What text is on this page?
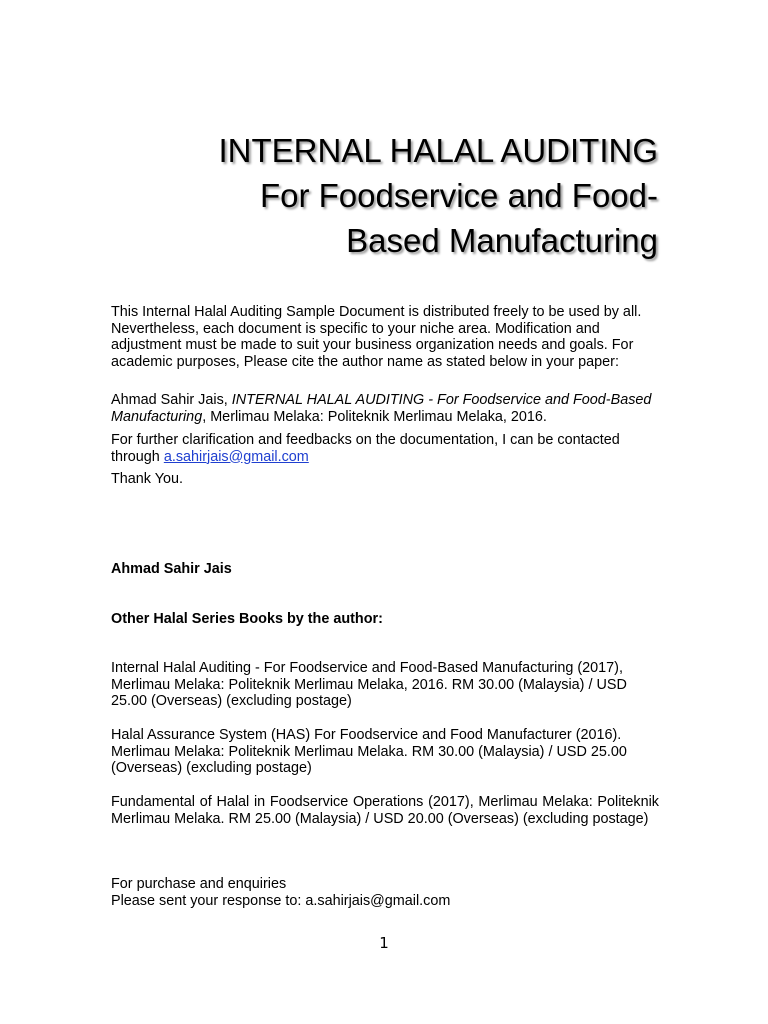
INTERNAL HALAL AUDITING
For Foodservice and Food-
Based Manufacturing

This Internal Halal Auditing Sample Document is distributed freely to be used by all. Nevertheless, each document is specific to your niche area. Modification and adjustment must be made to suit your business organization needs and goals. For academic purposes, Please cite the author name as stated below in your paper:

Ahmad Sahir Jais, INTERNAL HALAL AUDITING - For Foodservice and Food-Based Manufacturing, Merlimau Melaka: Politeknik Merlimau Melaka, 2016.

For further clarification and feedbacks on the documentation, I can be contacted through a.sahirjais@gmail.com

Thank You.

Ahmad Sahir Jais

Other Halal Series Books by the author:

Internal Halal Auditing - For Foodservice and Food-Based Manufacturing (2017), Merlimau Melaka: Politeknik Merlimau Melaka, 2016. RM 30.00 (Malaysia) / USD 25.00 (Overseas) (excluding postage)

Halal Assurance System (HAS) For Foodservice and Food Manufacturer (2016). Merlimau Melaka: Politeknik Merlimau Melaka. RM 30.00 (Malaysia) / USD 25.00 (Overseas) (excluding postage)

Fundamental of Halal in Foodservice Operations (2017), Merlimau Melaka: Politeknik Merlimau Melaka. RM 25.00 (Malaysia) / USD 20.00 (Overseas) (excluding postage)

For purchase and enquiries

Please sent your response to: a.sahirjais@gmail.com

1
